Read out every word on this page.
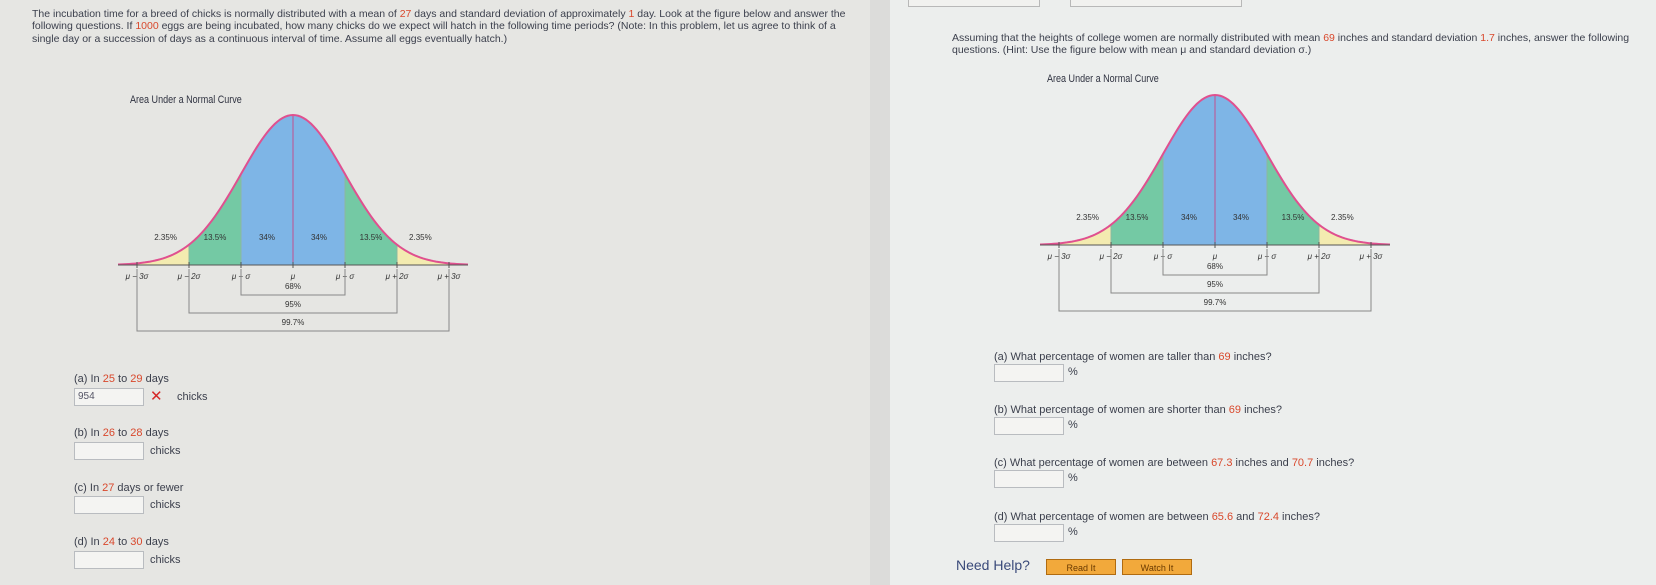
The incubation time for a breed of chicks is normally distributed with a mean of 27 days and standard deviation of approximately 1 day. Look at the figure below and answer the following questions. If 1000 eggs are being incubated, how many chicks do we expect will hatch in the following time periods? (Note: In this problem, let us agree to think of a single day or a succession of days as a continuous interval of time. Assume all eggs eventually hatch.)
Area Under a Normal Curve
2.35%	13.5%	34%	34%	13.5%	2.35%
μ − 3σ	μ − 2σ	μ − σ	μ	μ + σ	μ + 2σ	μ + 3σ
68%
95%
99.7%
(a) In 25 to 29 days
954	✕ chicks
(b) In 26 to 28 days
chicks
(c) In 27 days or fewer
chicks
(d) In 24 to 30 days
chicks
Assuming that the heights of college women are normally distributed with mean 69 inches and standard deviation 1.7 inches, answer the following questions. (Hint: Use the figure below with mean μ and standard deviation σ.)
Area Under a Normal Curve
2.35%	13.5%	34%	34%	13.5%	2.35%
μ − 3σ	μ − 2σ	μ − σ	μ	μ + σ	μ + 2σ	μ + 3σ
68%
95%
99.7%
(a) What percentage of women are taller than 69 inches?
%
(b) What percentage of women are shorter than 69 inches?
%
(c) What percentage of women are between 67.3 inches and 70.7 inches?
%
(d) What percentage of women are between 65.6 and 72.4 inches?
%
Need Help?	Read It	Watch It
